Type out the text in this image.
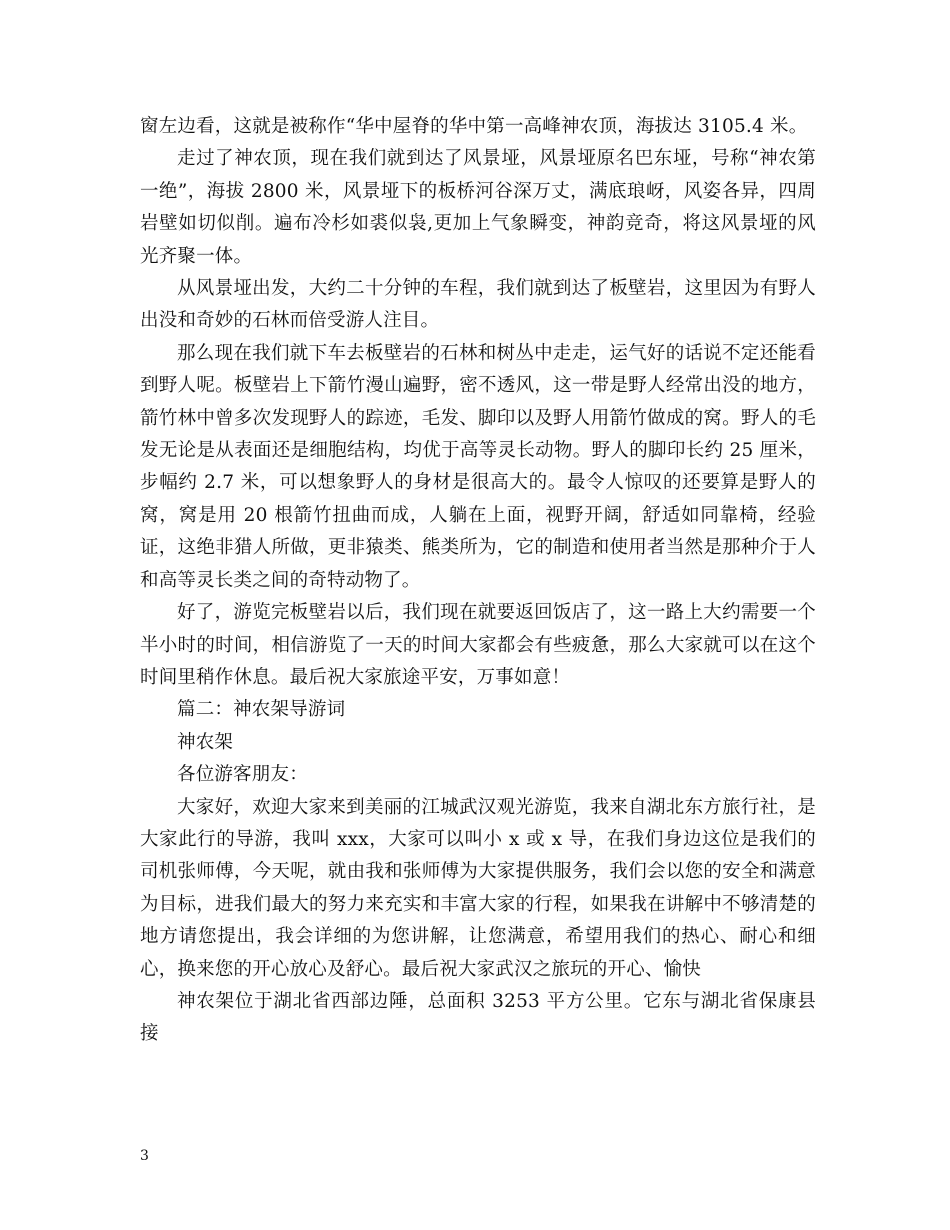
窗左边看，这就是被称作“华中屋脊的华中第一高峰神农顶，海拔达 3105.4 米。

走过了神农顶，现在我们就到达了风景垭，风景垭原名巴东垭，号称“神农第一绝”，海拔 2800 米，风景垭下的板桥河谷深万丈，满底琅岈，风姿各异，四周岩壁如切似削。遍布冷杉如裘似袅,更加上气象瞬变，神韵竞奇，将这风景垭的风光齐聚一体。

从风景垭出发，大约二十分钟的车程，我们就到达了板壁岩，这里因为有野人出没和奇妙的石林而倍受游人注目。

那么现在我们就下车去板壁岩的石林和树丛中走走，运气好的话说不定还能看到野人呢。板壁岩上下箭竹漫山遍野，密不透风，这一带是野人经常出没的地方，箭竹林中曾多次发现野人的踪迹，毛发、脚印以及野人用箭竹做成的窝。野人的毛发无论是从表面还是细胞结构，均优于高等灵长动物。野人的脚印长约 25 厘米，步幅约 2.7 米，可以想象野人的身材是很高大的。最令人惊叹的还要算是野人的窝，窝是用 20 根箭竹扭曲而成，人躺在上面，视野开阔，舒适如同靠椅，经验证，这绝非猎人所做，更非猿类、熊类所为，它的制造和使用者当然是那种介于人和高等灵长类之间的奇特动物了。

好了，游览完板壁岩以后，我们现在就要返回饭店了，这一路上大约需要一个半小时的时间，相信游览了一天的时间大家都会有些疲惫，那么大家就可以在这个时间里稍作休息。最后祝大家旅途平安，万事如意！

篇二：神农架导游词

神农架

各位游客朋友：

大家好，欢迎大家来到美丽的江城武汉观光游览，我来自湖北东方旅行社，是大家此行的导游，我叫 xxx，大家可以叫小 x 或 x 导，在我们身边这位是我们的司机张师傅，今天呢，就由我和张师傅为大家提供服务，我们会以您的安全和满意为目标，进我们最大的努力来充实和丰富大家的行程，如果我在讲解中不够清楚的地方请您提出，我会详细的为您讲解，让您满意，希望用我们的热心、耐心和细心，换来您的开心放心及舒心。最后祝大家武汉之旅玩的开心、愉快

神农架位于湖北省西部边陲，总面积 3253 平方公里。它东与湖北省保康县接

3
